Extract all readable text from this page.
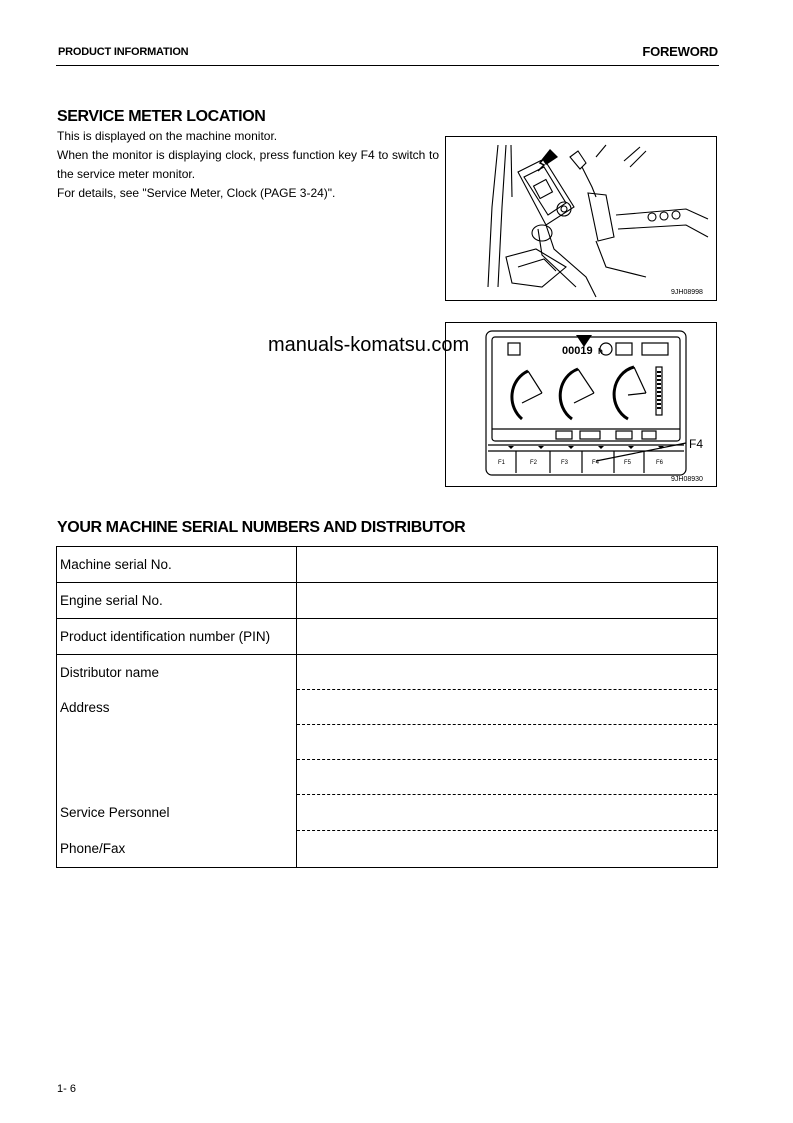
PRODUCT INFORMATION	FOREWORD
SERVICE METER LOCATION
This is displayed on the machine monitor.
When the monitor is displaying clock, press function key F4 to switch to the service meter monitor.
For details, see "Service Meter, Clock (PAGE 3-24)".
9JH08998
00019 h
F1	F2	F3	F4	F5	F6
F4
9JH08930
manuals-komatsu.com
YOUR MACHINE SERIAL NUMBERS AND DISTRIBUTOR
Machine serial No.	
Engine serial No.	
Product identification number (PIN)	

Distributor name
Address
Service Personnel
Phone/Fax	

1- 6
